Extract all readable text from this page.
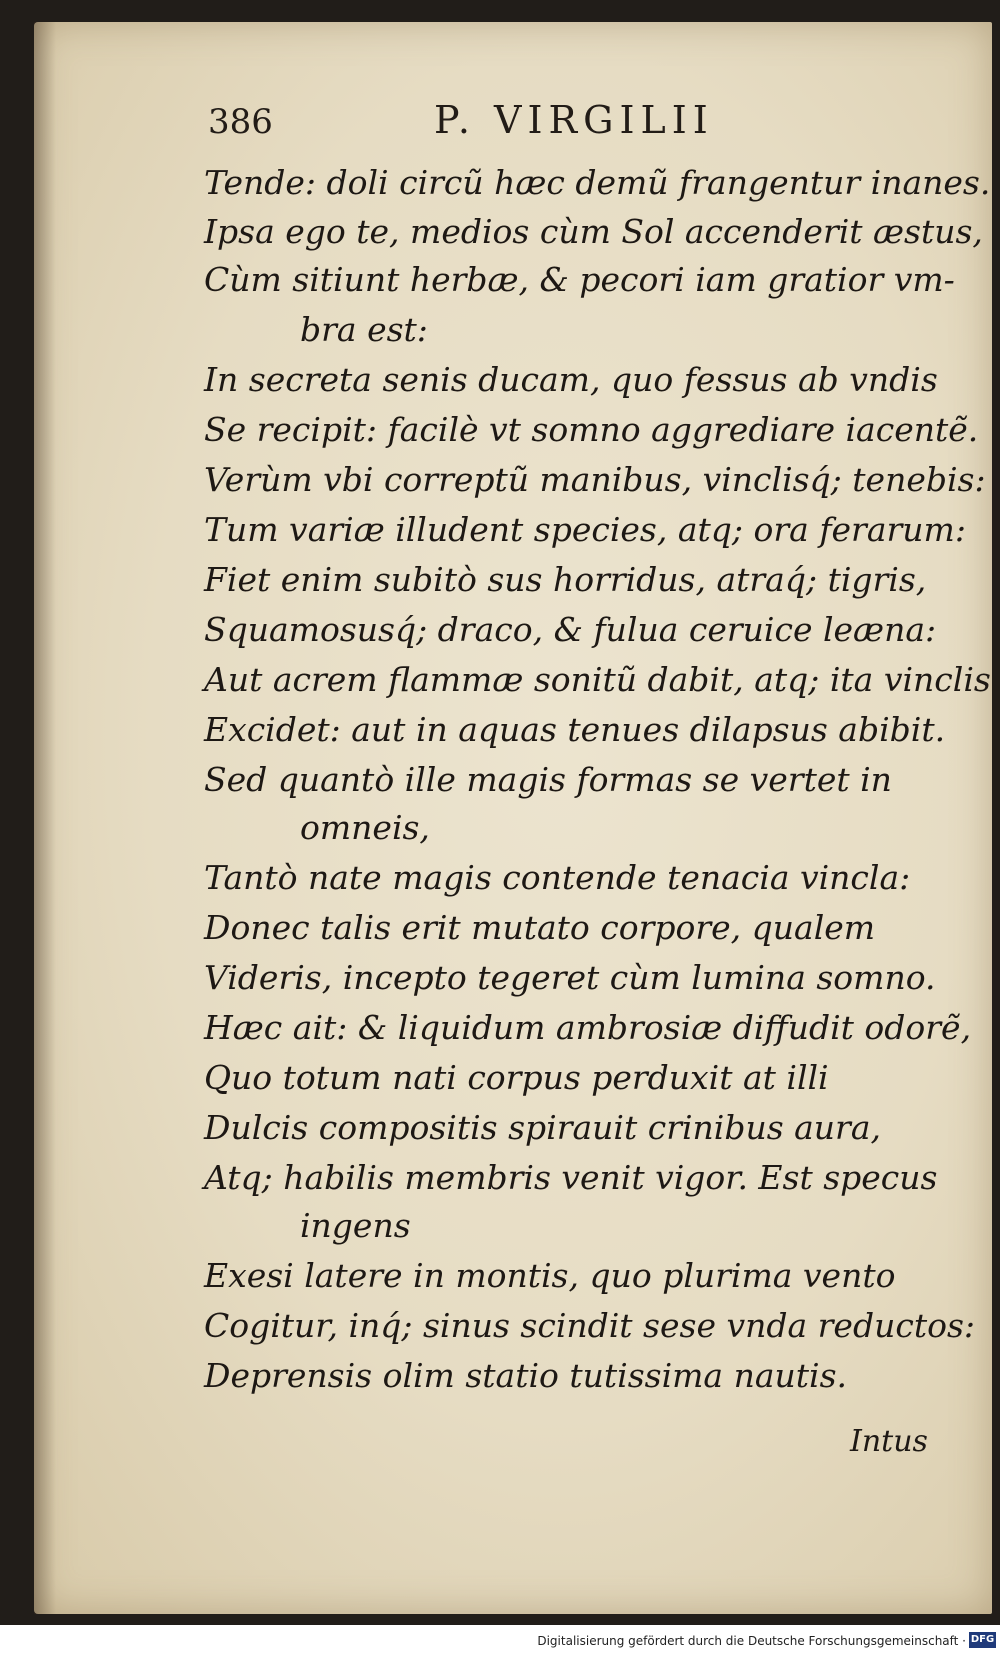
386	P. VIRGILII
Tende: doli circũ hæc demũ frangentur inanes.
Ipsa ego te, medios cùm Sol accenderit æstus,
Cùm sitiunt herbæ, & pecori iam gratior vm-
bra est:
In secreta senis ducam, quo fessus ab vndis
Se recipit: facilè vt somno aggrediare iacentẽ.
Verùm vbi correptũ manibus, vinclisq́; tenebis:
Tum variæ illudent species, atq; ora ferarum:
Fiet enim subitò sus horridus, atraq́; tigris,
Squamosusq́; draco, & fulua ceruice leæna:
Aut acrem flammæ sonitũ dabit, atq; ita vinclis
Excidet: aut in aquas tenues dilapsus abibit.
Sed quantò ille magis formas se vertet in
omneis,
Tantò nate magis contende tenacia vincla:
Donec talis erit mutato corpore, qualem
Videris, incepto tegeret cùm lumina somno.
Hæc ait: & liquidum ambrosiæ diffudit odorẽ,
Quo totum nati corpus perduxit at illi
Dulcis compositis spirauit crinibus aura,
Atq; habilis membris venit vigor. Est specus
ingens
Exesi latere in montis, quo plurima vento
Cogitur, inq́; sinus scindit sese vnda reductos:
Deprensis olim statio tutissima nautis.
Intus
Digitalisierung gefördert durch die Deutsche Forschungsgemeinschaft · DFG
